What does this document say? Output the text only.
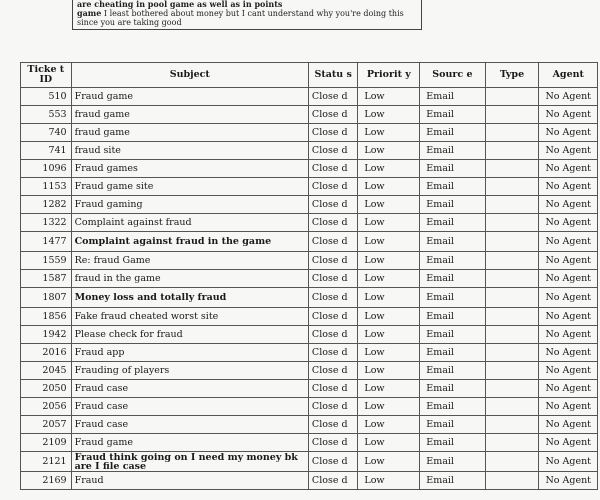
are cheating in pool game as well as in points
game I least bothered about money but I cant understand why you're doing this since you are taking good
Ticke t ID	Subject	Statu s	Priorit y	Sourc e	Type	Agent
510	Fraud game	Close d	Low	Email		No Agent
553	fraud game	Close d	Low	Email		No Agent
740	fraud game	Close d	Low	Email		No Agent
741	fraud site	Close d	Low	Email		No Agent
1096	Fraud games	Close d	Low	Email		No Agent
1153	Fraud game site	Close d	Low	Email		No Agent
1282	Fraud gaming	Close d	Low	Email		No Agent
1322	Complaint against fraud	Close d	Low	Email		No Agent
1477	Complaint against fraud in the game	Close d	Low	Email		No Agent
1559	Re: fraud Game	Close d	Low	Email		No Agent
1587	fraud in the game	Close d	Low	Email		No Agent
1807	Money loss and totally fraud	Close d	Low	Email		No Agent
1856	Fake fraud cheated worst site	Close d	Low	Email		No Agent
1942	Please check for fraud	Close d	Low	Email		No Agent
2016	Fraud app	Close d	Low	Email		No Agent
2045	Frauding of players	Close d	Low	Email		No Agent
2050	Fraud case	Close d	Low	Email		No Agent
2056	Fraud case	Close d	Low	Email		No Agent
2057	Fraud case	Close d	Low	Email		No Agent
2109	Fraud game	Close d	Low	Email		No Agent
2121	Fraud think going on I need my money bk are I file case	Close d	Low	Email		No Agent
2169	Fraud	Close d	Low	Email		No Agent
